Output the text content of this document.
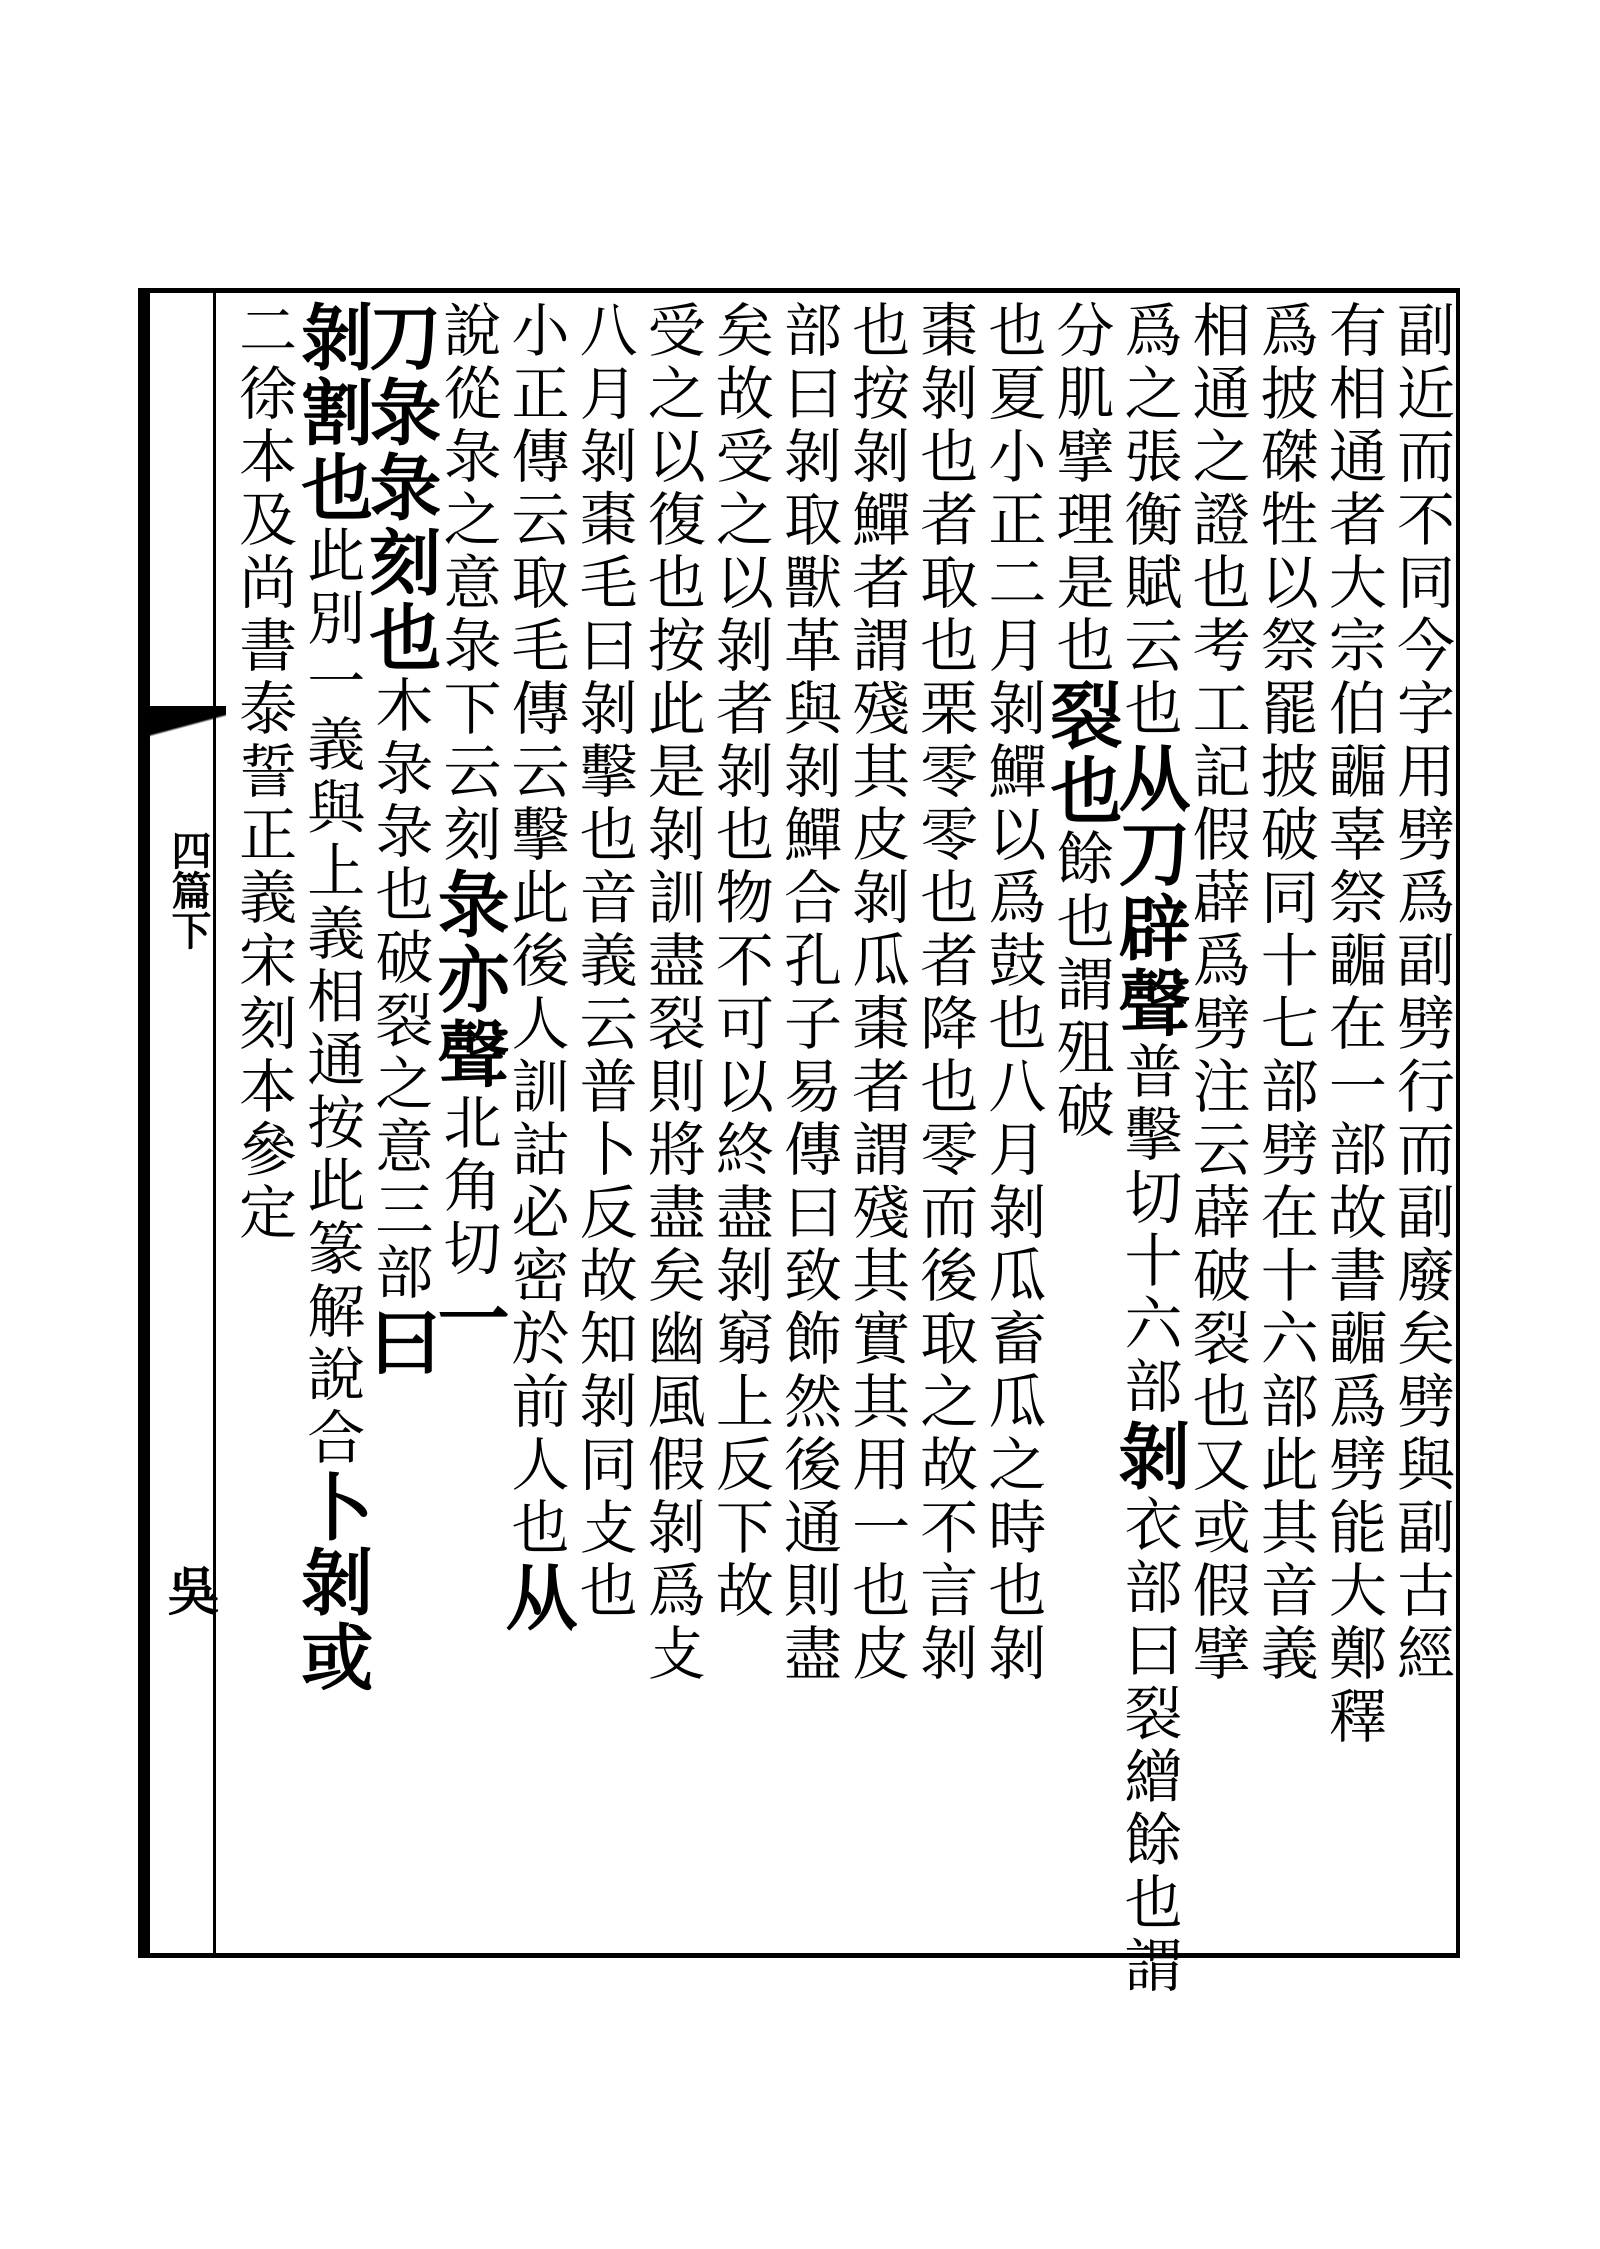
四篇下
吳	副近而不同今字用劈爲副劈行而副廢矣劈與副古經
有相通者大宗伯疈辜祭疈在一部故書疈爲劈能大鄭釋
爲披磔牲以祭罷披破同十七部劈在十六部此其音義
相通之證也考工記假薜爲劈注云薜破裂也又或假擘
爲之張衡賦云也从刀辟聲普擊切十六部剝衣部曰裂繒餘也謂
分肌擘理是也裂也餘也謂殂破
也夏小正二月剝鱓以爲鼓也八月剝瓜畜瓜之時也剝
棗剝也者取也栗零零也者降也零而後取之故不言剝
也按剝鱓者謂殘其皮剝瓜棗者謂殘其實其用一也皮
部曰剝取獸革與剝鱓合孔子易傳曰致飾然後通則盡
矣故受之以剝者剝也物不可以終盡剝窮上反下故
受之以復也按此是剝訓盡裂則將盡矣幽風假剝爲攴
八月剝棗毛曰剝擊也音義云普卜反故知剝同攴也
小正傳云取毛傳云擊此後人訓詁必密於前人也从
說從彔之意彔下云刻彔亦聲北角切一
刀彔彔刻也木彔彔也破裂之意三部曰
剝割也此別一義與上義相通按此篆解說合卜剝或
二徐本及尚書泰誓正義宋刻本參定
